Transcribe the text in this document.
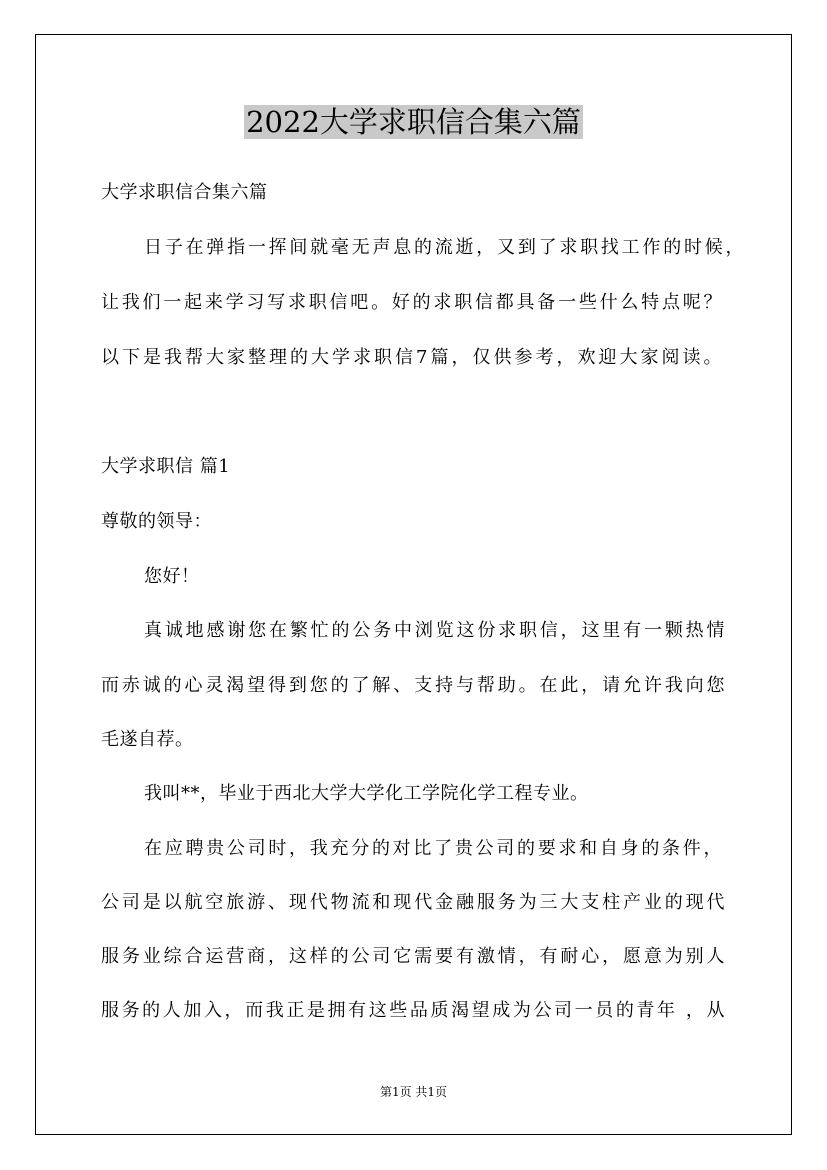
2022大学求职信合集六篇
大学求职信合集六篇
日子在弹指一挥间就毫无声息的流逝，又到了求职找工作的时候，
让我们一起来学习写求职信吧。好的求职信都具备一些什么特点呢？
以下是我帮大家整理的大学求职信7篇，仅供参考，欢迎大家阅读。
大学求职信 篇1
尊敬的领导：
您好！
真诚地感谢您在繁忙的公务中浏览这份求职信，这里有一颗热情
而赤诚的心灵渴望得到您的了解、支持与帮助。在此，请允许我向您
毛遂自荐。
我叫**，毕业于西北大学大学化工学院化学工程专业。
在应聘贵公司时，我充分的对比了贵公司的要求和自身的条件，
公司是以航空旅游、现代物流和现代金融服务为三大支柱产业的现代
服务业综合运营商，这样的公司它需要有激情，有耐心，愿意为别人
服务的人加入，而我正是拥有这些品质渴望成为公司一员的青年 ，从
第1页 共1页
